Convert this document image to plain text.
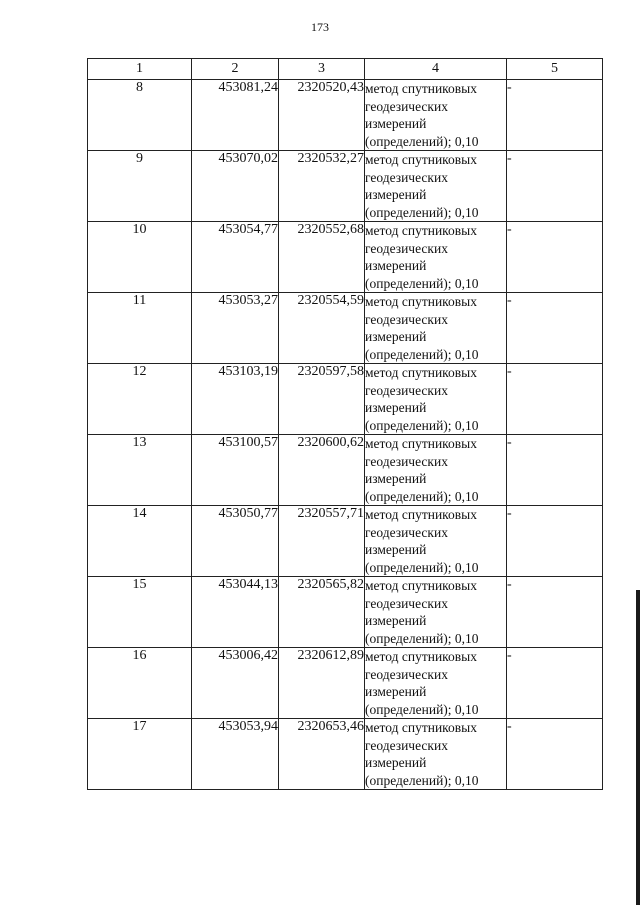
173
1	2	3	4	5
8	453081,24	2320520,43	метод спутниковых геодезических измерений (определений); 0,10	-
9	453070,02	2320532,27	метод спутниковых геодезических измерений (определений); 0,10	-
10	453054,77	2320552,68	метод спутниковых геодезических измерений (определений); 0,10	-
11	453053,27	2320554,59	метод спутниковых геодезических измерений (определений); 0,10	-
12	453103,19	2320597,58	метод спутниковых геодезических измерений (определений); 0,10	-
13	453100,57	2320600,62	метод спутниковых геодезических измерений (определений); 0,10	-
14	453050,77	2320557,71	метод спутниковых геодезических измерений (определений); 0,10	-
15	453044,13	2320565,82	метод спутниковых геодезических измерений (определений); 0,10	-
16	453006,42	2320612,89	метод спутниковых геодезических измерений (определений); 0,10	-
17	453053,94	2320653,46	метод спутниковых геодезических измерений (определений); 0,10	-
